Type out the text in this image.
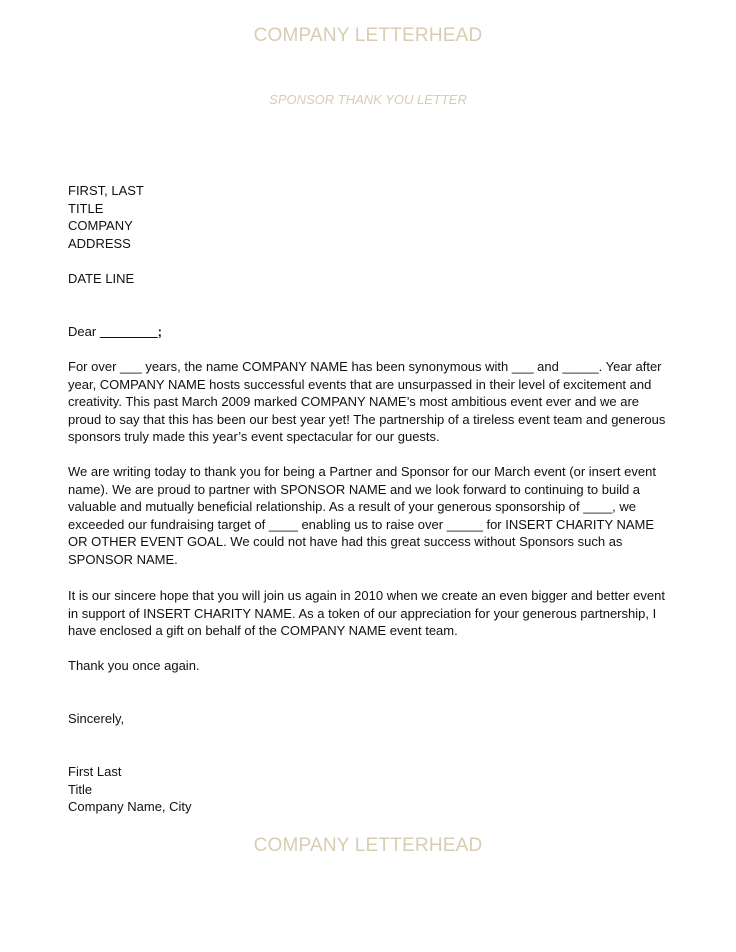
COMPANY LETTERHEAD
SPONSOR THANK YOU LETTER
FIRST, LAST
TITLE
COMPANY
ADDRESS
DATE LINE
Dear ________;
For over ___ years, the name COMPANY NAME has been synonymous with ___ and _____. Year after year, COMPANY NAME hosts successful events that are unsurpassed in their level of excitement and creativity. This past March 2009 marked COMPANY NAME’s most ambitious event ever and we are proud to say that this has been our best year yet! The partnership of a tireless event team and generous sponsors truly made this year’s event spectacular for our guests.
We are writing today to thank you for being a Partner and Sponsor for our March event (or insert event name). We are proud to partner with SPONSOR NAME and we look forward to continuing to build a valuable and mutually beneficial relationship. As a result of your generous sponsorship of ____, we exceeded our fundraising target of ____ enabling us to raise over _____ for INSERT CHARITY NAME OR OTHER EVENT GOAL. We could not have had this great success without Sponsors such as SPONSOR NAME.
It is our sincere hope that you will join us again in 2010 when we create an even bigger and better event in support of INSERT CHARITY NAME. As a token of our appreciation for your generous partnership, I have enclosed a gift on behalf of the COMPANY NAME event team.
Thank you once again.
Sincerely,
First Last
Title
Company Name, City
COMPANY LETTERHEAD
